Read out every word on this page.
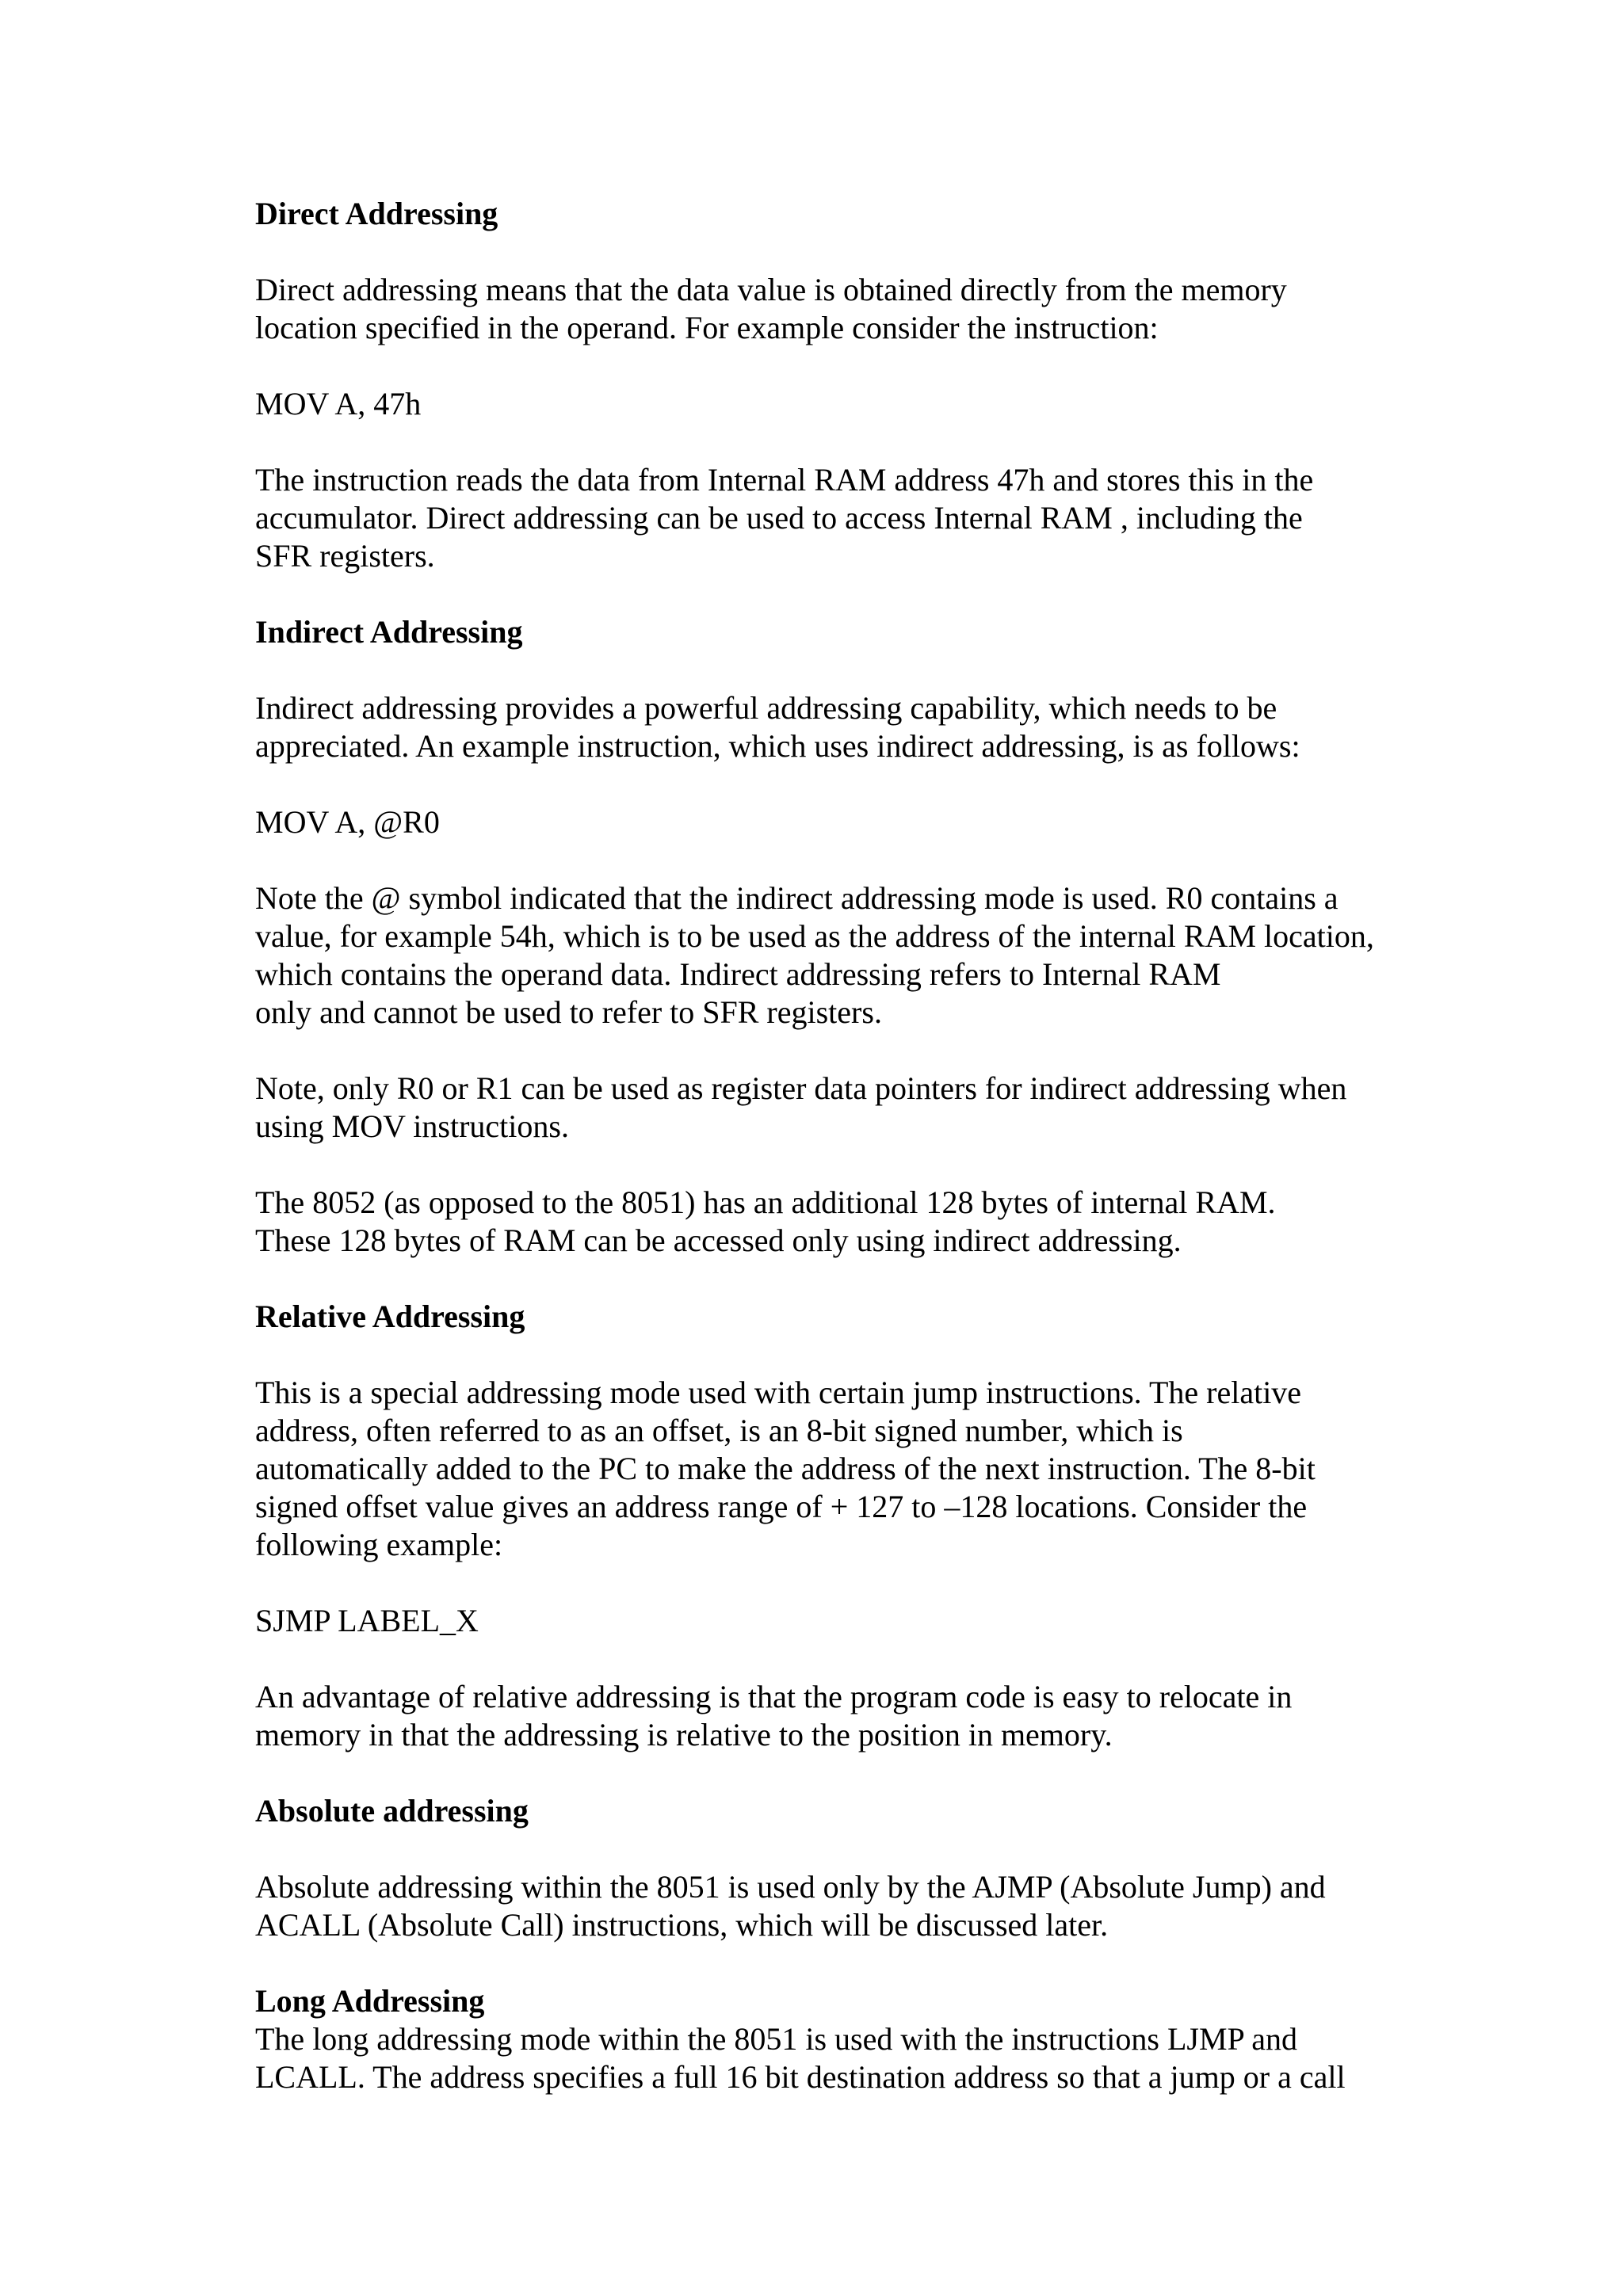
Direct Addressing
Direct addressing means that the data value is obtained directly from the memory
location specified in the operand. For example consider the instruction:
MOV A, 47h
The instruction reads the data from Internal RAM address 47h and stores this in the
accumulator. Direct addressing can be used to access Internal RAM , including the
SFR registers.
Indirect Addressing
Indirect addressing provides a powerful addressing capability, which needs to be
appreciated. An example instruction, which uses indirect addressing, is as follows:
MOV A, @R0
Note the @ symbol indicated that the indirect addressing mode is used. R0 contains a
value, for example 54h, which is to be used as the address of the internal RAM location,
which contains the operand data. Indirect addressing refers to Internal RAM
only and cannot be used to refer to SFR registers.
Note, only R0 or R1 can be used as register data pointers for indirect addressing when
using MOV instructions.
The 8052 (as opposed to the 8051) has an additional 128 bytes of internal RAM.
These 128 bytes of RAM can be accessed only using indirect addressing.
Relative Addressing
This is a special addressing mode used with certain jump instructions. The relative
address, often referred to as an offset, is an 8-bit signed number, which is
automatically added to the PC to make the address of the next instruction. The 8-bit
signed offset value gives an address range of + 127 to –128 locations. Consider the
following example:
SJMP LABEL_X
An advantage of relative addressing is that the program code is easy to relocate in
memory in that the addressing is relative to the position in memory.
Absolute addressing
Absolute addressing within the 8051 is used only by the AJMP (Absolute Jump) and
ACALL (Absolute Call) instructions, which will be discussed later.
Long Addressing
The long addressing mode within the 8051 is used with the instructions LJMP and
LCALL. The address specifies a full 16 bit destination address so that a jump or a call
